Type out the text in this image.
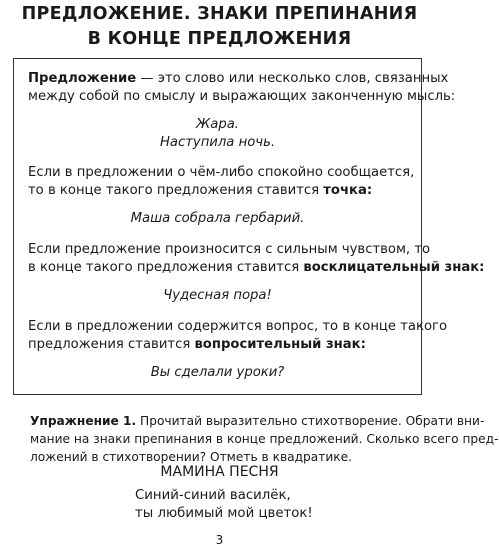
ПРЕДЛОЖЕНИЕ. ЗНАКИ ПРЕПИНАНИЯ
В КОНЦЕ ПРЕДЛОЖЕНИЯ
Предложение — это слово или несколько слов, связанных
между собой по смыслу и выражающих законченную мысль:
Жара.
Наступила ночь.
Если в предложении о чём-либо спокойно сообщается,
то в конце такого предложения ставится точка:
Маша собрала гербарий.
Если предложение произносится с сильным чувством, то
в конце такого предложения ставится восклицательный знак:
Чудесная пора!
Если в предложении содержится вопрос, то в конце такого
предложения ставится вопросительный знак:
Вы сделали уроки?
Упражнение 1. Прочитай выразительно стихотворение. Обрати вни-
мание на знаки препинания в конце предложений. Сколько всего пред-
ложений в стихотворении? Отметь в квадратике.
МАМИНА ПЕСНЯ
Синий-синий василёк,
ты любимый мой цветок!
3
